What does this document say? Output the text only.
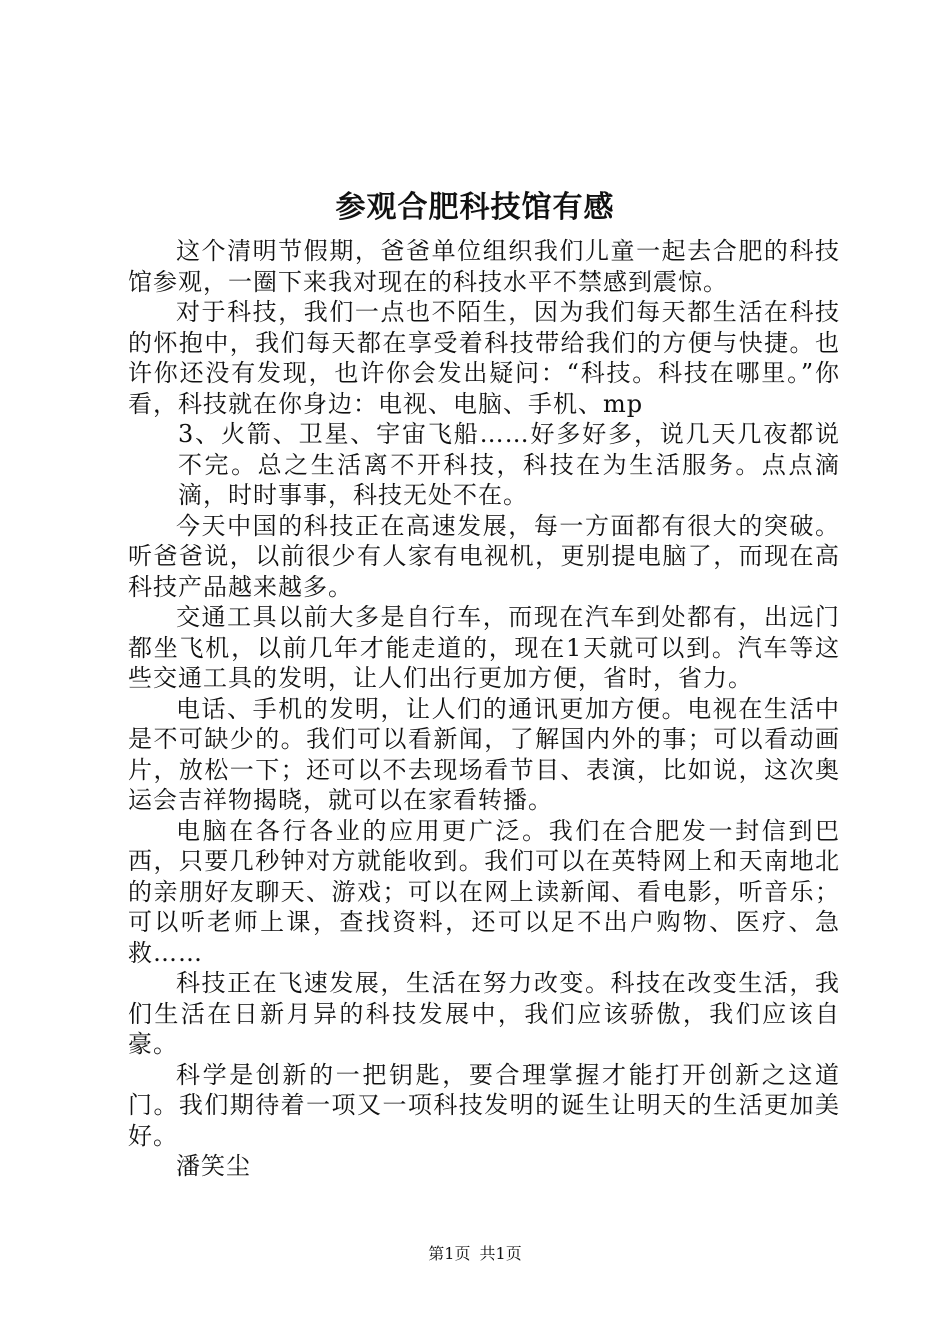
参观合肥科技馆有感

这个清明节假期，爸爸单位组织我们儿童一起去合肥的科技馆参观，一圈下来我对现在的科技水平不禁感到震惊。

对于科技，我们一点也不陌生，因为我们每天都生活在科技的怀抱中，我们每天都在享受着科技带给我们的方便与快捷。也许你还没有发现，也许你会发出疑问：“科技。科技在哪里。”你看，科技就在你身边：电视、电脑、手机、mp

3、火箭、卫星、宇宙飞船……好多好多，说几天几夜都说不完。总之生活离不开科技，科技在为生活服务。点点滴滴，时时事事，科技无处不在。

今天中国的科技正在高速发展，每一方面都有很大的突破。听爸爸说，以前很少有人家有电视机，更别提电脑了，而现在高科技产品越来越多。

交通工具以前大多是自行车，而现在汽车到处都有，出远门都坐飞机，以前几年才能走道的，现在1天就可以到。汽车等这些交通工具的发明，让人们出行更加方便，省时，省力。

电话、手机的发明，让人们的通讯更加方便。电视在生活中是不可缺少的。我们可以看新闻，了解国内外的事；可以看动画片，放松一下；还可以不去现场看节目、表演，比如说，这次奥运会吉祥物揭晓，就可以在家看转播。

电脑在各行各业的应用更广泛。我们在合肥发一封信到巴西，只要几秒钟对方就能收到。我们可以在英特网上和天南地北的亲朋好友聊天、游戏；可以在网上读新闻、看电影，听音乐；可以听老师上课，查找资料，还可以足不出户购物、医疗、急救……

科技正在飞速发展，生活在努力改变。科技在改变生活，我们生活在日新月异的科技发展中，我们应该骄傲，我们应该自豪。

科学是创新的一把钥匙，要合理掌握才能打开创新之这道门。我们期待着一项又一项科技发明的诞生让明天的生活更加美好。

潘笑尘

第1页 共1页
